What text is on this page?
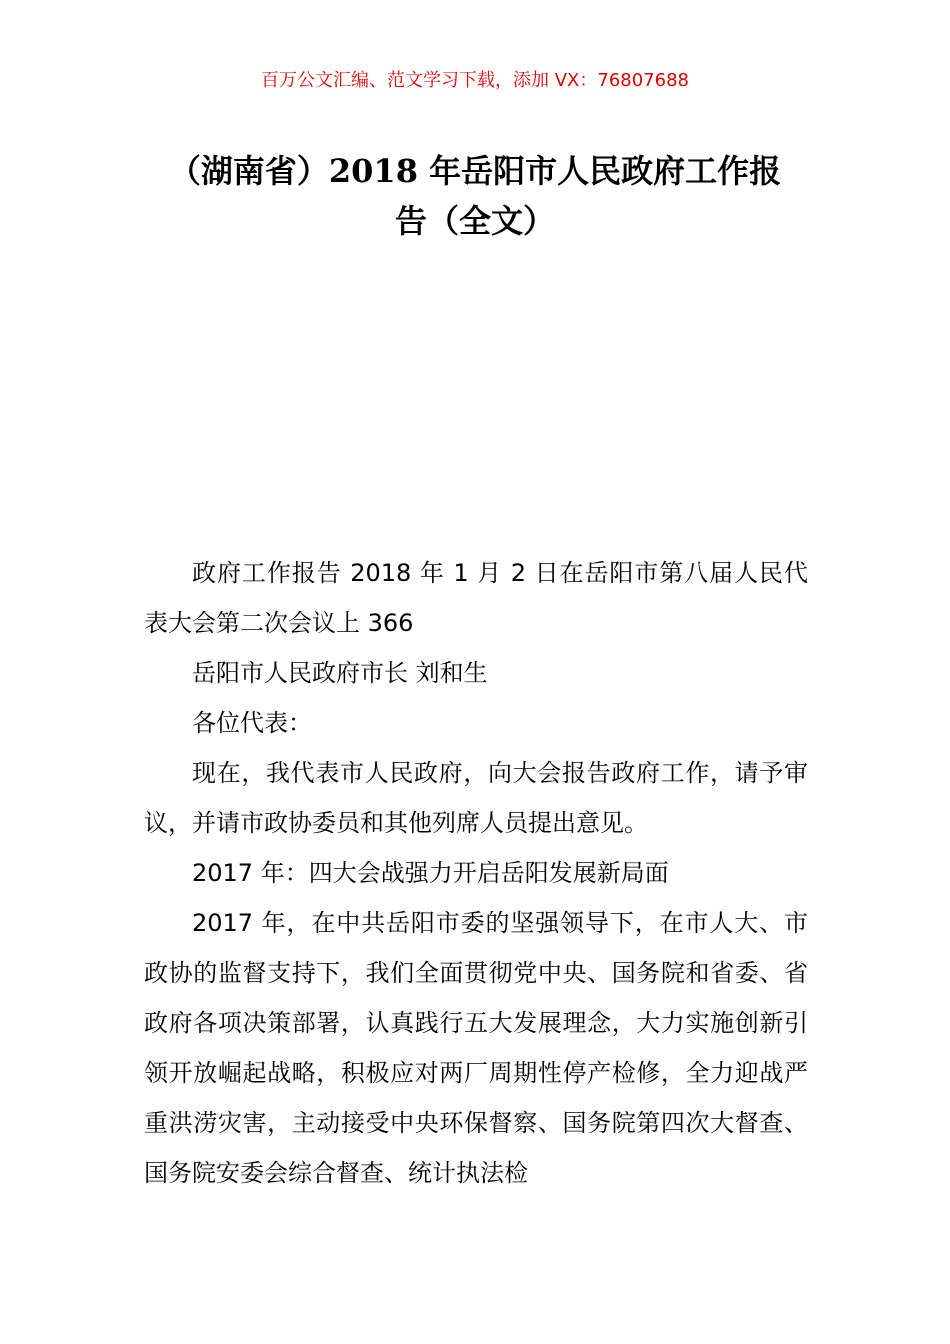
百万公文汇编、范文学习下载，添加 VX：76807688
（湖南省）2018 年岳阳市人民政府工作报
告（全文）

政府工作报告 2018 年 1 月 2 日在岳阳市第八届人民代表大会第二次会议上 366

岳阳市人民政府市长 刘和生

各位代表：

现在，我代表市人民政府，向大会报告政府工作，请予审议，并请市政协委员和其他列席人员提出意见。

2017 年：四大会战强力开启岳阳发展新局面

2017 年，在中共岳阳市委的坚强领导下，在市人大、市政协的监督支持下，我们全面贯彻党中央、国务院和省委、省政府各项决策部署，认真践行五大发展理念，大力实施创新引领开放崛起战略，积极应对两厂周期性停产检修，全力迎战严重洪涝灾害，主动接受中央环保督察、国务院第四次大督查、国务院安委会综合督查、统计执法检
